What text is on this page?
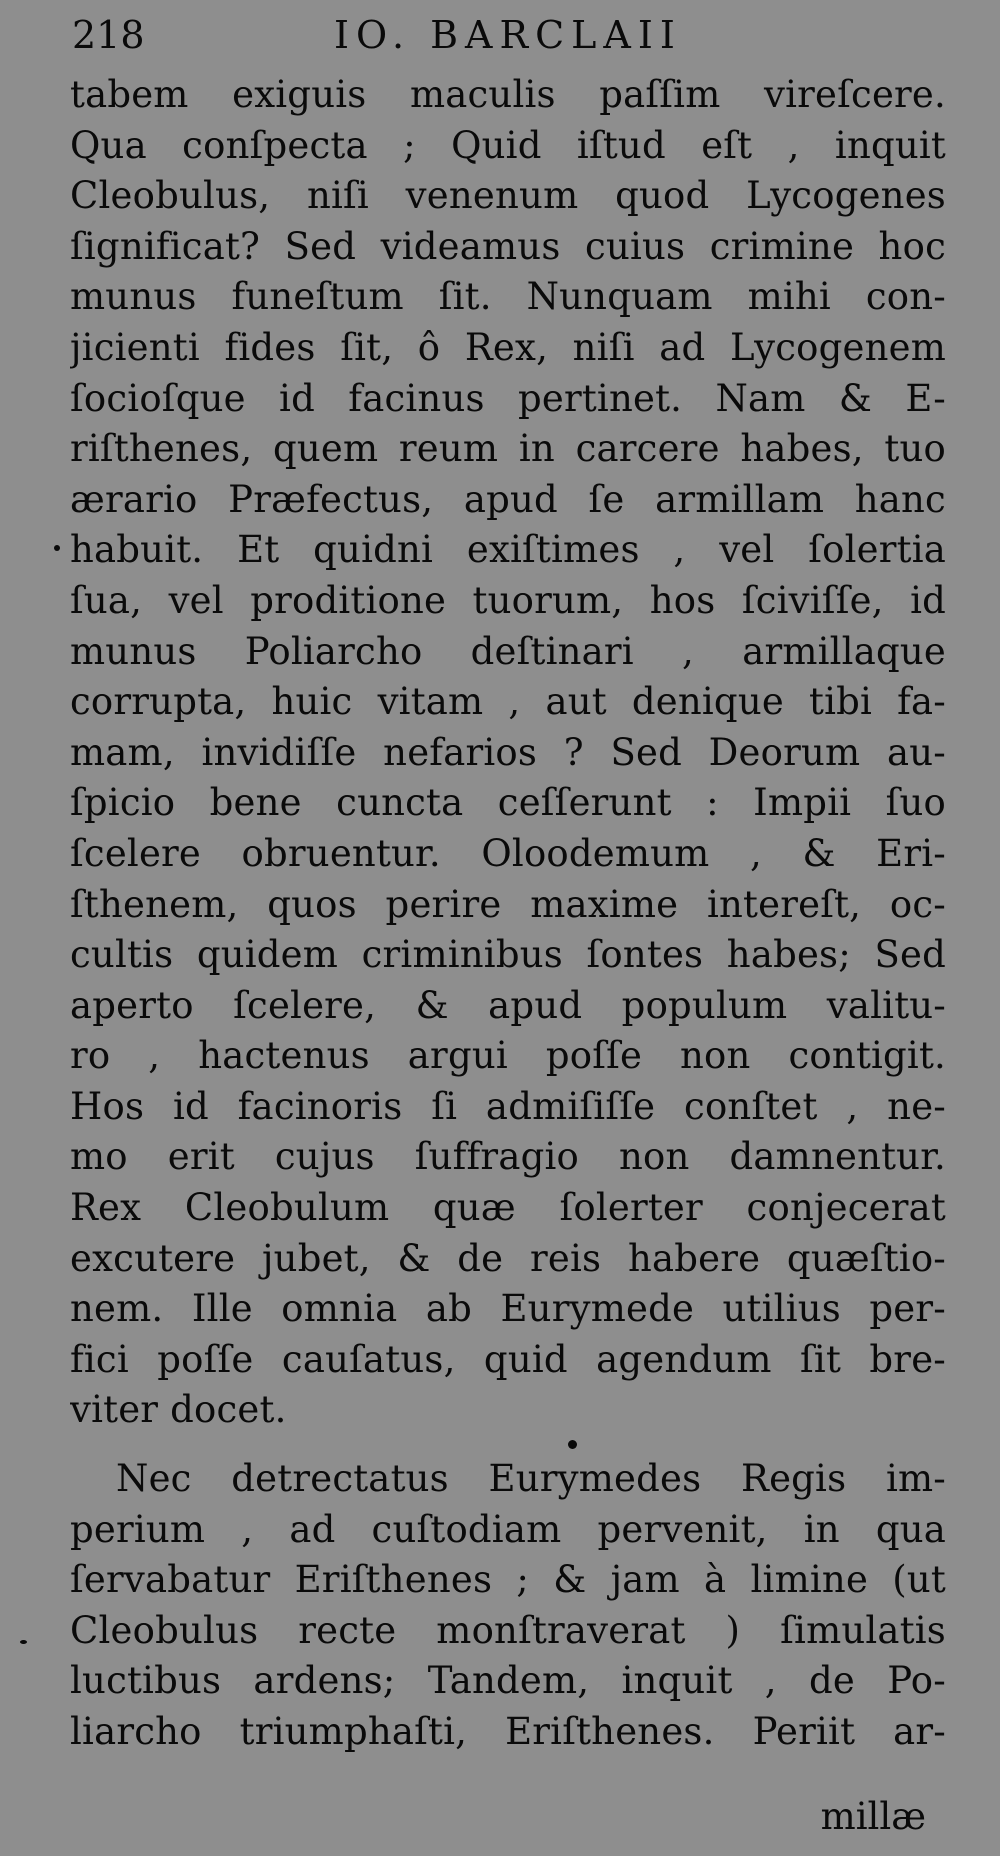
218	IO. BARCLAII
tabem exiguis maculis paſſim vireſcere.
Qua conſpecta ; Quid iſtud eſt , inquit
Cleobulus, niſi venenum quod Lycogenes
ſignificat? Sed videamus cuius crimine hoc
munus funeſtum ſit. Nunquam mihi con-
jicienti fides ſit, ô Rex, niſi ad Lycogenem
ſocioſque id facinus pertinet. Nam & E-
riſthenes, quem reum in carcere habes, tuo
ærario Præfectus, apud ſe armillam hanc
habuit. Et quidni exiſtimes , vel ſolertia
ſua, vel proditione tuorum, hos ſciviſſe, id
munus Poliarcho deſtinari , armillaque
corrupta, huic vitam , aut denique tibi fa-
mam, invidiſſe nefarios ? Sed Deorum au-
ſpicio bene cuncta ceſſerunt : Impii ſuo
ſcelere obruentur. Oloodemum , & Eri-
ſthenem, quos perire maxime intereſt, oc-
cultis quidem criminibus ſontes habes; Sed
aperto ſcelere, & apud populum valitu-
ro , hactenus argui poſſe non contigit.
Hos id facinoris ſi admiſiſſe conſtet , ne-
mo erit cujus ſuffragio non damnentur.
Rex Cleobulum quæ ſolerter conjecerat
excutere jubet, & de reis habere quæſtio-
nem. Ille omnia ab Eurymede utilius per-
fici poſſe cauſatus, quid agendum ſit bre-
viter docet.
Nec detrectatus Eurymedes Regis im-
perium , ad cuſtodiam pervenit, in qua
ſervabatur Eriſthenes ; & jam à limine (ut
Cleobulus recte monſtraverat ) ſimulatis
luctibus ardens; Tandem, inquit , de Po-
liarcho triumphaſti, Eriſthenes. Periit ar-
millæ
